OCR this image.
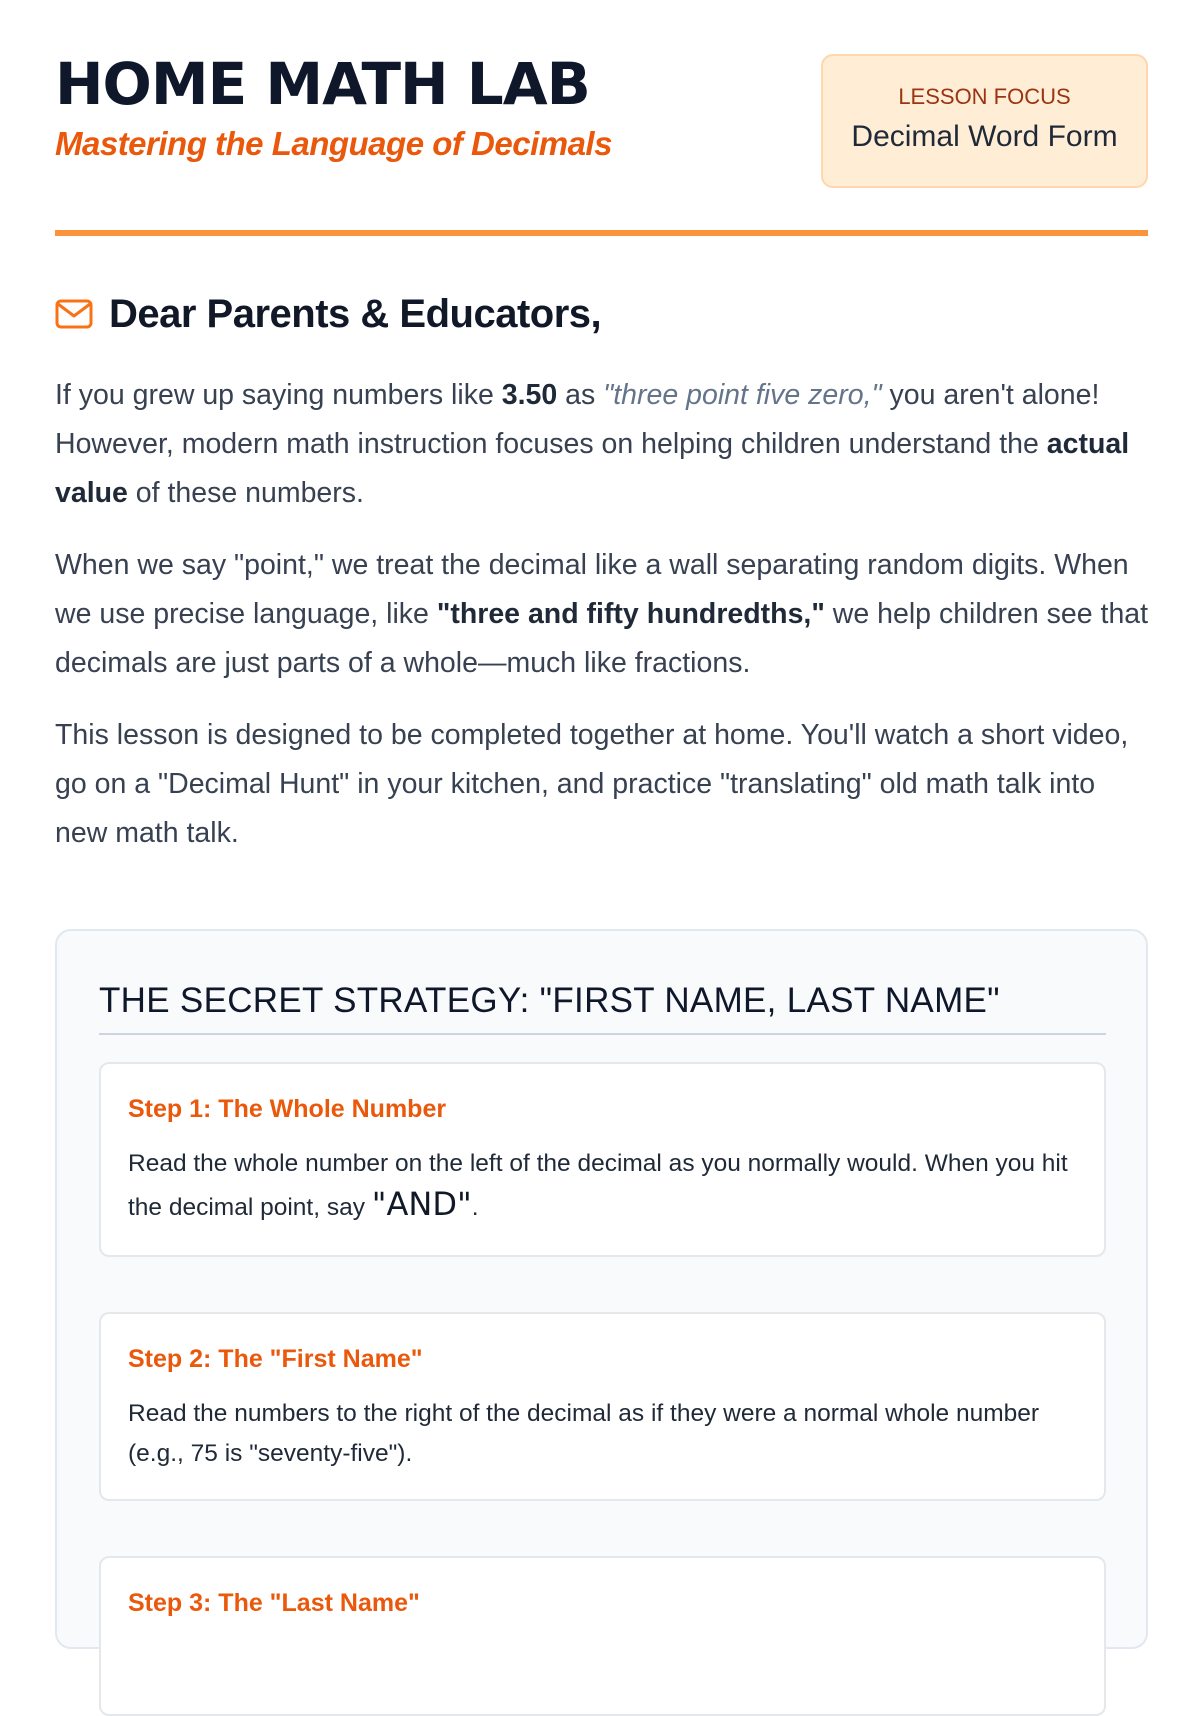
HOME MATH LAB

Mastering the Language of Decimals

LESSON FOCUS
Decimal Word Form
Dear Parents & Educators,

If you grew up saying numbers like 3.50 as "three point five zero," you aren't alone! However, modern math instruction focuses on helping children understand the actual value of these numbers.

When we say "point," we treat the decimal like a wall separating random digits. When we use precise language, like "three and fifty hundredths," we help children see that decimals are just parts of a whole—much like fractions.

This lesson is designed to be completed together at home. You'll watch a short video, go on a "Decimal Hunt" in your kitchen, and practice "translating" old math talk into new math talk.

THE SECRET STRATEGY: "FIRST NAME, LAST NAME"
Step 1: The Whole Number

Read the whole number on the left of the decimal as you normally would. When you hit the decimal point, say "AND".

Step 2: The "First Name"

Read the numbers to the right of the decimal as if they were a normal whole number (e.g., 75 is "seventy-five").

Step 3: The "Last Name"
